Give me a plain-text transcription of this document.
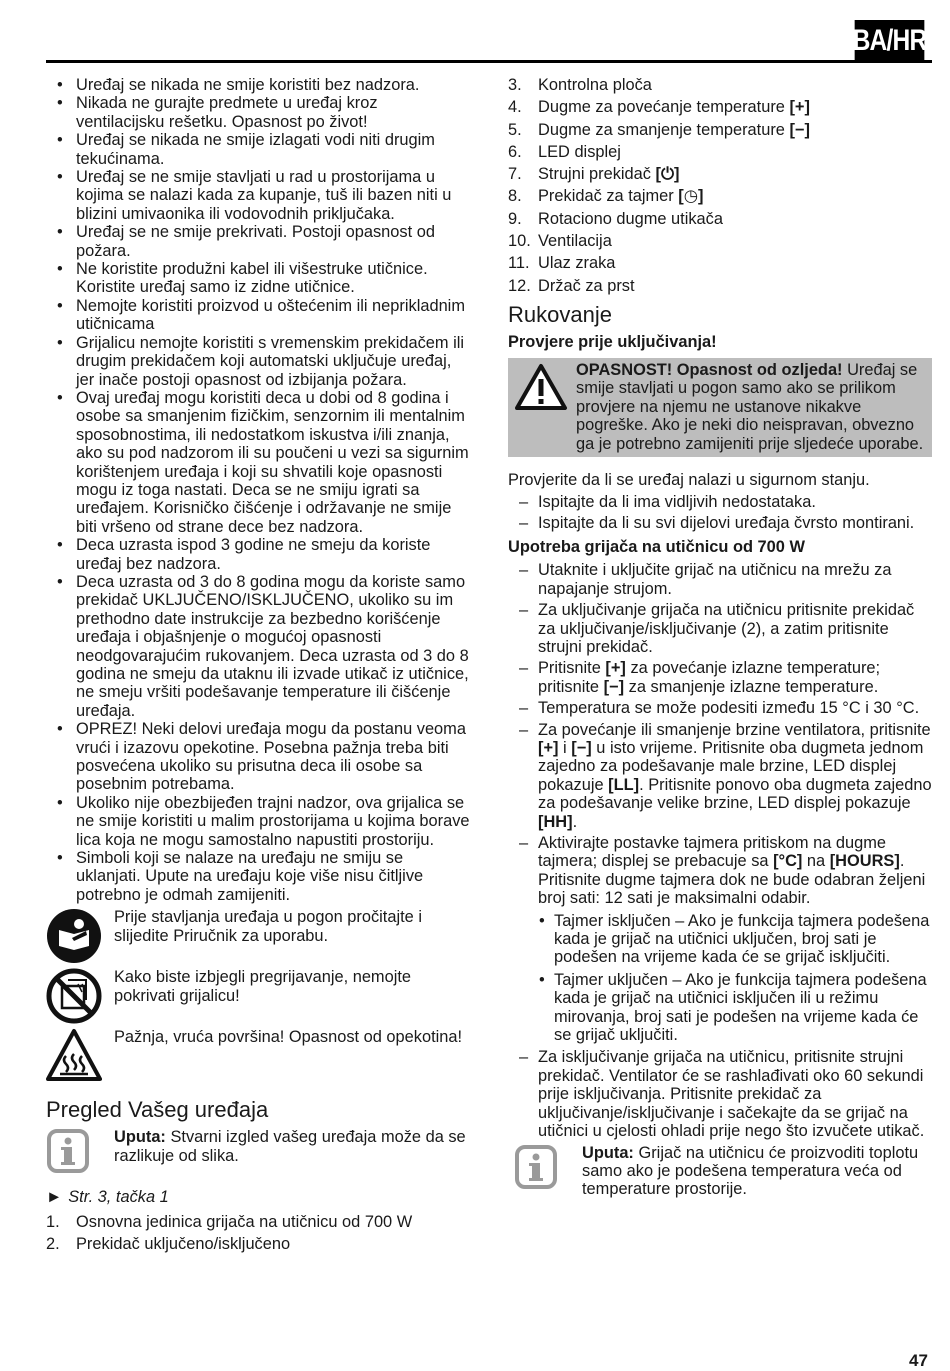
BA/HR
• Uređaj se nikada ne smije koristiti bez nadzora.
• Nikada ne gurajte predmete u uređaj kroz ventilacijsku rešetku. Opasnost po život!
• Uređaj se nikada ne smije izlagati vodi niti drugim tekućinama.
• Uređaj se ne smije stavljati u rad u prostorijama u kojima se nalazi kada za kupanje, tuš ili bazen niti u blizini umivaonika ili vodovodnih priključaka.
• Uređaj se ne smije prekrivati. Postoji opasnost od požara.
• Ne koristite produžni kabel ili višestruke utičnice. Koristite uređaj samo iz zidne utičnice.
• Nemojte koristiti proizvod u oštećenim ili neprikladnim utičnicama
• Grijalicu nemojte koristiti s vremenskim prekidačem ili drugim prekidačem koji automatski uključuje uređaj, jer inače postoji opasnost od izbijanja požara.
• Ovaj uređaj mogu koristiti deca u dobi od 8 godina i osobe sa smanjenim fizičkim, senzornim ili mentalnim sposobnostima, ili nedostatkom iskustva i/ili znanja, ako su pod nadzorom ili su poučeni u vezi sa sigurnim korištenjem uređaja i koji su shvatili koje opasnosti mogu iz toga nastati. Deca se ne smiju igrati sa uređajem. Korisničko čišćenje i održavanje ne smije biti vršeno od strane dece bez nadzora.
• Deca uzrasta ispod 3 godine ne smeju da koriste uređaj bez nadzora.
• Deca uzrasta od 3 do 8 godina mogu da koriste samo prekidač UKLJUČENO/ISKLJUČENO, ukoliko su im prethodno date instrukcije za bezbedno korišćenje uređaja i objašnjenje o mogućoj opasnosti neodgovarajućim rukovanjem. Deca uzrasta od 3 do 8 godina ne smeju da utaknu ili izvade utikač iz utičnice, ne smeju vršiti podešavanje temperature ili čišćenje uređaja.
• OPREZ! Neki delovi uređaja mogu da postanu veoma vrući i izazovu opekotine. Posebna pažnja treba biti posvećena ukoliko su prisutna deca ili osobe sa posebnim potrebama.
• Ukoliko nije obezbijeđen trajni nadzor, ova grijalica se ne smije koristiti u malim prostorijama u kojima borave lica koja ne mogu samostalno napustiti prostoriju.
• Simboli koji se nalaze na uređaju ne smiju se uklanjati. Upute na uređaju koje više nisu čitljive potrebno je odmah zamijeniti.
Prije stavljanja uređaja u pogon pročitajte i slijedite Priručnik za uporabu.
Kako biste izbjegli pregrijavanje, nemojte pokrivati grijalicu!
Pažnja, vruća površina! Opasnost od opekotina!
Pregled Vašeg uređaja
Uputa: Stvarni izgled vašeg uređaja može da se razlikuje od slika.
► Str. 3, tačka 1
1. Osnovna jedinica grijača na utičnicu od 700 W
2. Prekidač uključeno/isključeno
3. Kontrolna ploča
4. Dugme za povećanje temperature [+]
5. Dugme za smanjenje temperature [−]
6. LED displej
7. Strujni prekidač [⏻]
8. Prekidač za tajmer [◷]
9. Rotaciono dugme utikača
10. Ventilacija
11. Ulaz zraka
12. Držač za prst
Rukovanje
Provjere prije uključivanja!
OPASNOST! Opasnost od ozljeda! Uređaj se smije stavljati u pogon samo ako se prilikom provjere na njemu ne ustanove nikakve pogreške. Ako je neki dio neispravan, obvezno ga je potrebno zamijeniti prije sljedeće uporabe.
Provjerite da li se uređaj nalazi u sigurnom stanju.
– Ispitajte da li ima vidljivih nedostataka.
– Ispitajte da li su svi dijelovi uređaja čvrsto montirani.
Upotreba grijača na utičnicu od 700 W
– Utaknite i uključite grijač na utičnicu na mrežu za napajanje strujom.
– Za uključivanje grijača na utičnicu pritisnite prekidač za uključivanje/isključivanje (2), a zatim pritisnite strujni prekidač.
– Pritisnite [+] za povećanje izlazne temperature; pritisnite [−] za smanjenje izlazne temperature.
– Temperatura se može podesiti između 15 °C i 30 °C.
– Za povećanje ili smanjenje brzine ventilatora, pritisnite [+] i [−] u isto vrijeme. Pritisnite oba dugmeta jednom zajedno za podešavanje male brzine, LED displej pokazuje [LL]. Pritisnite ponovo oba dugmeta zajedno za podešavanje velike brzine, LED displej pokazuje [HH].
– Aktivirajte postavke tajmera pritiskom na dugme tajmera; displej se prebacuje sa [°C] na [HOURS]. Pritisnite dugme tajmera dok ne bude odabran željeni broj sati: 12 sati je maksimalni odabir.
• Tajmer isključen – Ako je funkcija tajmera podešena kada je grijač na utičnici uključen, broj sati je podešen na vrijeme kada će se grijač isključiti.
• Tajmer uključen – Ako je funkcija tajmera podešena kada je grijač na utičnici isključen ili u režimu mirovanja, broj sati je podešen na vrijeme kada će se grijač uključiti.
– Za isključivanje grijača na utičnicu, pritisnite strujni prekidač. Ventilator će se rashlađivati oko 60 sekundi prije isključivanja. Pritisnite prekidač za uključivanje/isključivanje i sačekajte da se grijač na utičnici u cjelosti ohladi prije nego što izvučete utikač.
Uputa: Grijač na utičnicu će proizvoditi toplotu samo ako je podešena temperatura veća od temperature prostorije.
47
